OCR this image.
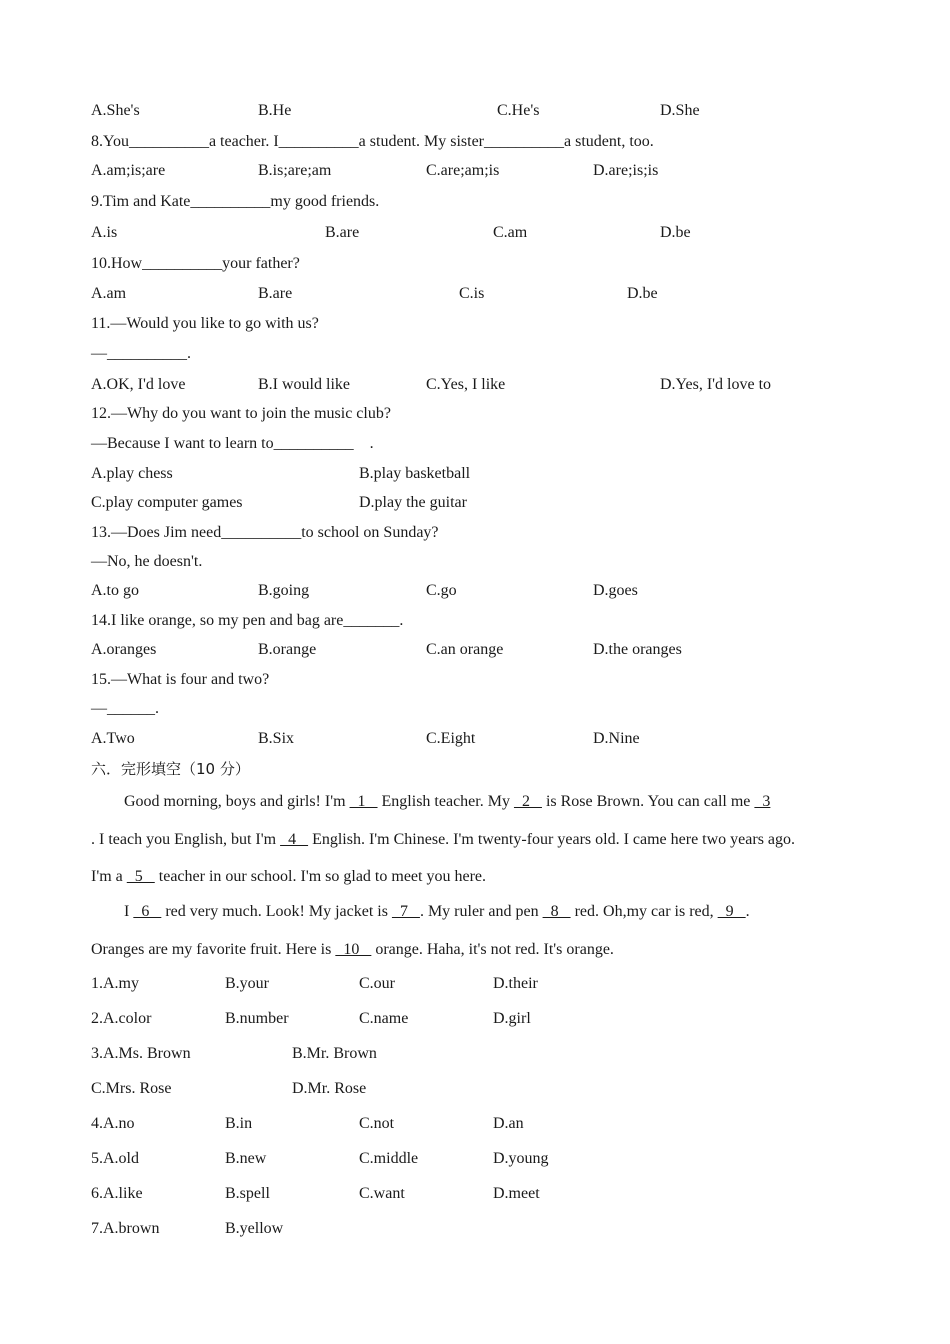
A.She's	B.He	C.He's	D.She
8.You__________a teacher. I__________a student. My sister__________a student, too.
A.am;is;are	B.is;are;am	C.are;am;is	D.are;is;is
9.Tim and Kate__________my good friends.
A.is	B.are	C.am	D.be
10.How__________your father?
A.am	B.are	C.is	D.be
11.—Would you like to go with us?
—__________.
A.OK, I'd love	B.I would like	C.Yes, I like	D.Yes, I'd love to
12.—Why do you want to join the music club?
—Because I want to learn to__________    .
A.play chess	B.play basketball
C.play computer games	D.play the guitar
13.—Does Jim need__________to school on Sunday?
—No, he doesn't.
A.to go	B.going	C.go	D.goes
14.I like orange, so my pen and bag are_______.
A.oranges	B.orange	C.an orange	D.the oranges
15.—What is four and two?
—______.
A.Two	B.Six	C.Eight	D.Nine
六．完形填空（10 分）
Good morning, boys and girls! I'm   1    English teacher. My   2    is Rose Brown. You can call me   3
. I teach you English, but I'm   4    English. I'm Chinese. I'm twenty-four years old. I came here two years ago.
I'm a   5    teacher in our school. I'm so glad to meet you here.
I   6    red very much. Look! My jacket is   7   . My ruler and pen   8    red. Oh,my car is red,   9   .
Oranges are my favorite fruit. Here is   10    orange. Haha, it's not red. It's orange.
1.A.my	B.your	C.our	D.their
2.A.color	B.number	C.name	D.girl
3.A.Ms. Brown	B.Mr. Brown
C.Mrs. Rose	D.Mr. Rose
4.A.no	B.in	C.not	D.an
5.A.old	B.new	C.middle	D.young
6.A.like	B.spell	C.want	D.meet
7.A.brown	B.yellow
